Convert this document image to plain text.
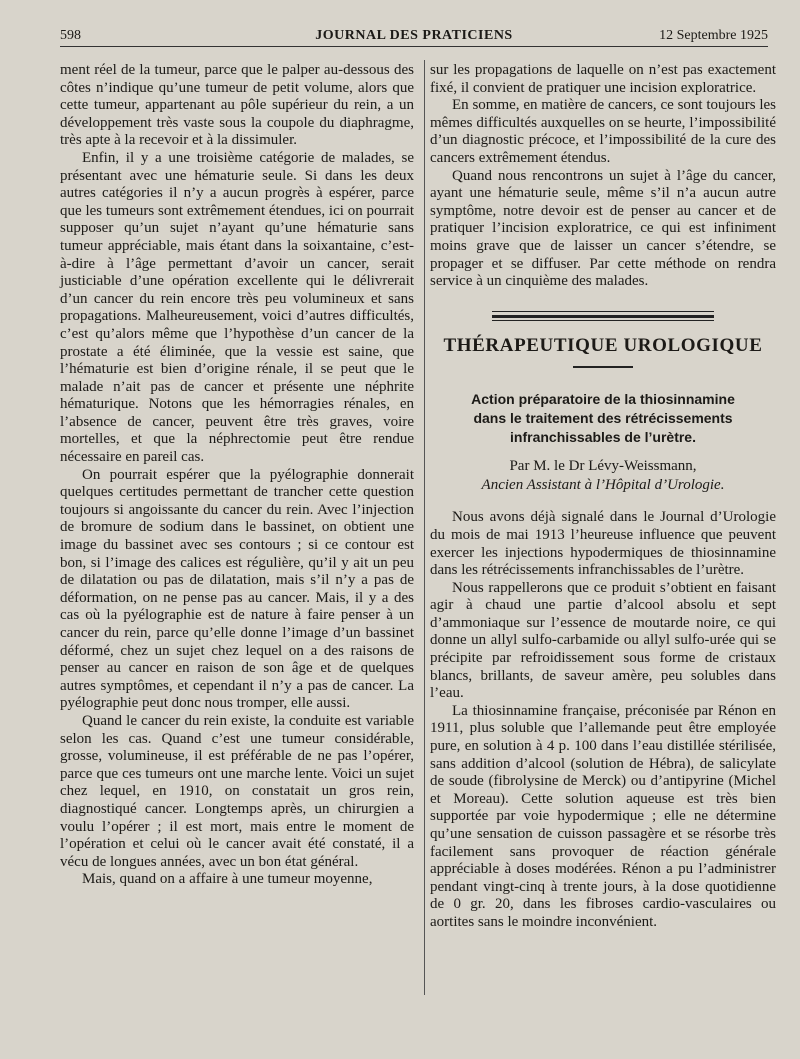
598	JOURNAL DES PRATICIENS	12 Septembre 1925

ment réel de la tumeur, parce que le palper au-dessous des côtes n’indique qu’une tumeur de petit volume, alors que cette tumeur, appartenant au pôle supérieur du rein, a un développement très vaste sous la coupole du diaphragme, très apte à la recevoir et à la dissimuler.

Enfin, il y a une troisième catégorie de malades, se présentant avec une hématurie seule. Si dans les deux autres catégories il n’y a aucun progrès à espérer, parce que les tumeurs sont extrêmement étendues, ici on pourrait supposer qu’un sujet n’ayant qu’une hématurie sans tumeur appréciable, mais étant dans la soixantaine, c’est-à-dire à l’âge permettant d’avoir un cancer, serait justiciable d’une opération excellente qui le délivrerait d’un cancer du rein encore très peu volumineux et sans propagations. Malheureusement, voici d’autres difficultés, c’est qu’alors même que l’hypothèse d’un cancer de la prostate a été éliminée, que la vessie est saine, que l’hématurie est bien d’origine rénale, il se peut que le malade n’ait pas de cancer et présente une néphrite hématurique. Notons que les hémorragies rénales, en l’absence de cancer, peuvent être très graves, voire mortelles, et que la néphrectomie peut être rendue nécessaire en pareil cas.

On pourrait espérer que la pyélographie donnerait quelques certitudes permettant de trancher cette question toujours si angoissante du cancer du rein. Avec l’injection de bromure de sodium dans le bassinet, on obtient une image du bassinet avec ses contours ; si ce contour est bon, si l’image des calices est régulière, qu’il y ait un peu de dilatation ou pas de dilatation, mais s’il n’y a pas de déformation, on ne pense pas au cancer. Mais, il y a des cas où la pyélographie est de nature à faire penser à un cancer du rein, parce qu’elle donne l’image d’un bassinet déformé, chez un sujet chez lequel on a des raisons de penser au cancer en raison de son âge et de quelques autres symptômes, et cependant il n’y a pas de cancer. La pyélographie peut donc nous tromper, elle aussi.

Quand le cancer du rein existe, la conduite est variable selon les cas. Quand c’est une tumeur considérable, grosse, volumineuse, il est préférable de ne pas l’opérer, parce que ces tumeurs ont une marche lente. Voici un sujet chez lequel, en 1910, on constatait un gros rein, diagnostiqué cancer. Longtemps après, un chirurgien a voulu l’opérer ; il est mort, mais entre le moment de l’opération et celui où le cancer avait été constaté, il a vécu de longues années, avec un bon état général.

Mais, quand on a affaire à une tumeur moyenne,

sur les propagations de laquelle on n’est pas exactement fixé, il convient de pratiquer une incision exploratrice.

En somme, en matière de cancers, ce sont toujours les mêmes difficultés auxquelles on se heurte, l’impossibilité d’un diagnostic précoce, et l’impossibilité de la cure des cancers extrêmement étendus.

Quand nous rencontrons un sujet à l’âge du cancer, ayant une hématurie seule, même s’il n’a aucun autre symptôme, notre devoir est de penser au cancer et de pratiquer l’incision exploratrice, ce qui est infiniment moins grave que de laisser un cancer s’étendre, se propager et se diffuser. Par cette méthode on rendra service à un cinquième des malades.

THÉRAPEUTIQUE UROLOGIQUE
Action préparatoire de la thiosinnamine
dans le traitement des rétrécissements
infranchissables de l’urètre.
Par M. le Dr Lévy-Weissmann,
Ancien Assistant à l’Hôpital d’Urologie.

Nous avons déjà signalé dans le Journal d’Urologie du mois de mai 1913 l’heureuse influence que peuvent exercer les injections hypodermiques de thiosinnamine dans les rétrécissements infranchissables de l’urètre.

Nous rappellerons que ce produit s’obtient en faisant agir à chaud une partie d’alcool absolu et sept d’ammoniaque sur l’essence de moutarde noire, ce qui donne un allyl sulfo-carbamide ou allyl sulfo-urée qui se précipite par refroidissement sous forme de cristaux blancs, brillants, de saveur amère, peu solubles dans l’eau.

La thiosinnamine française, préconisée par Rénon en 1911, plus soluble que l’allemande peut être employée pure, en solution à 4 p. 100 dans l’eau distillée stérilisée, sans addition d’alcool (solution de Hébra), de salicylate de soude (fibrolysine de Merck) ou d’antipyrine (Michel et Moreau). Cette solution aqueuse est très bien supportée par voie hypodermique ; elle ne détermine qu’une sensation de cuisson passagère et se résorbe très facilement sans provoquer de réaction générale appréciable à doses modérées. Rénon a pu l’administrer pendant vingt-cinq à trente jours, à la dose quotidienne de 0 gr. 20, dans les fibroses cardio-vasculaires ou aortites sans le moindre inconvénient.
